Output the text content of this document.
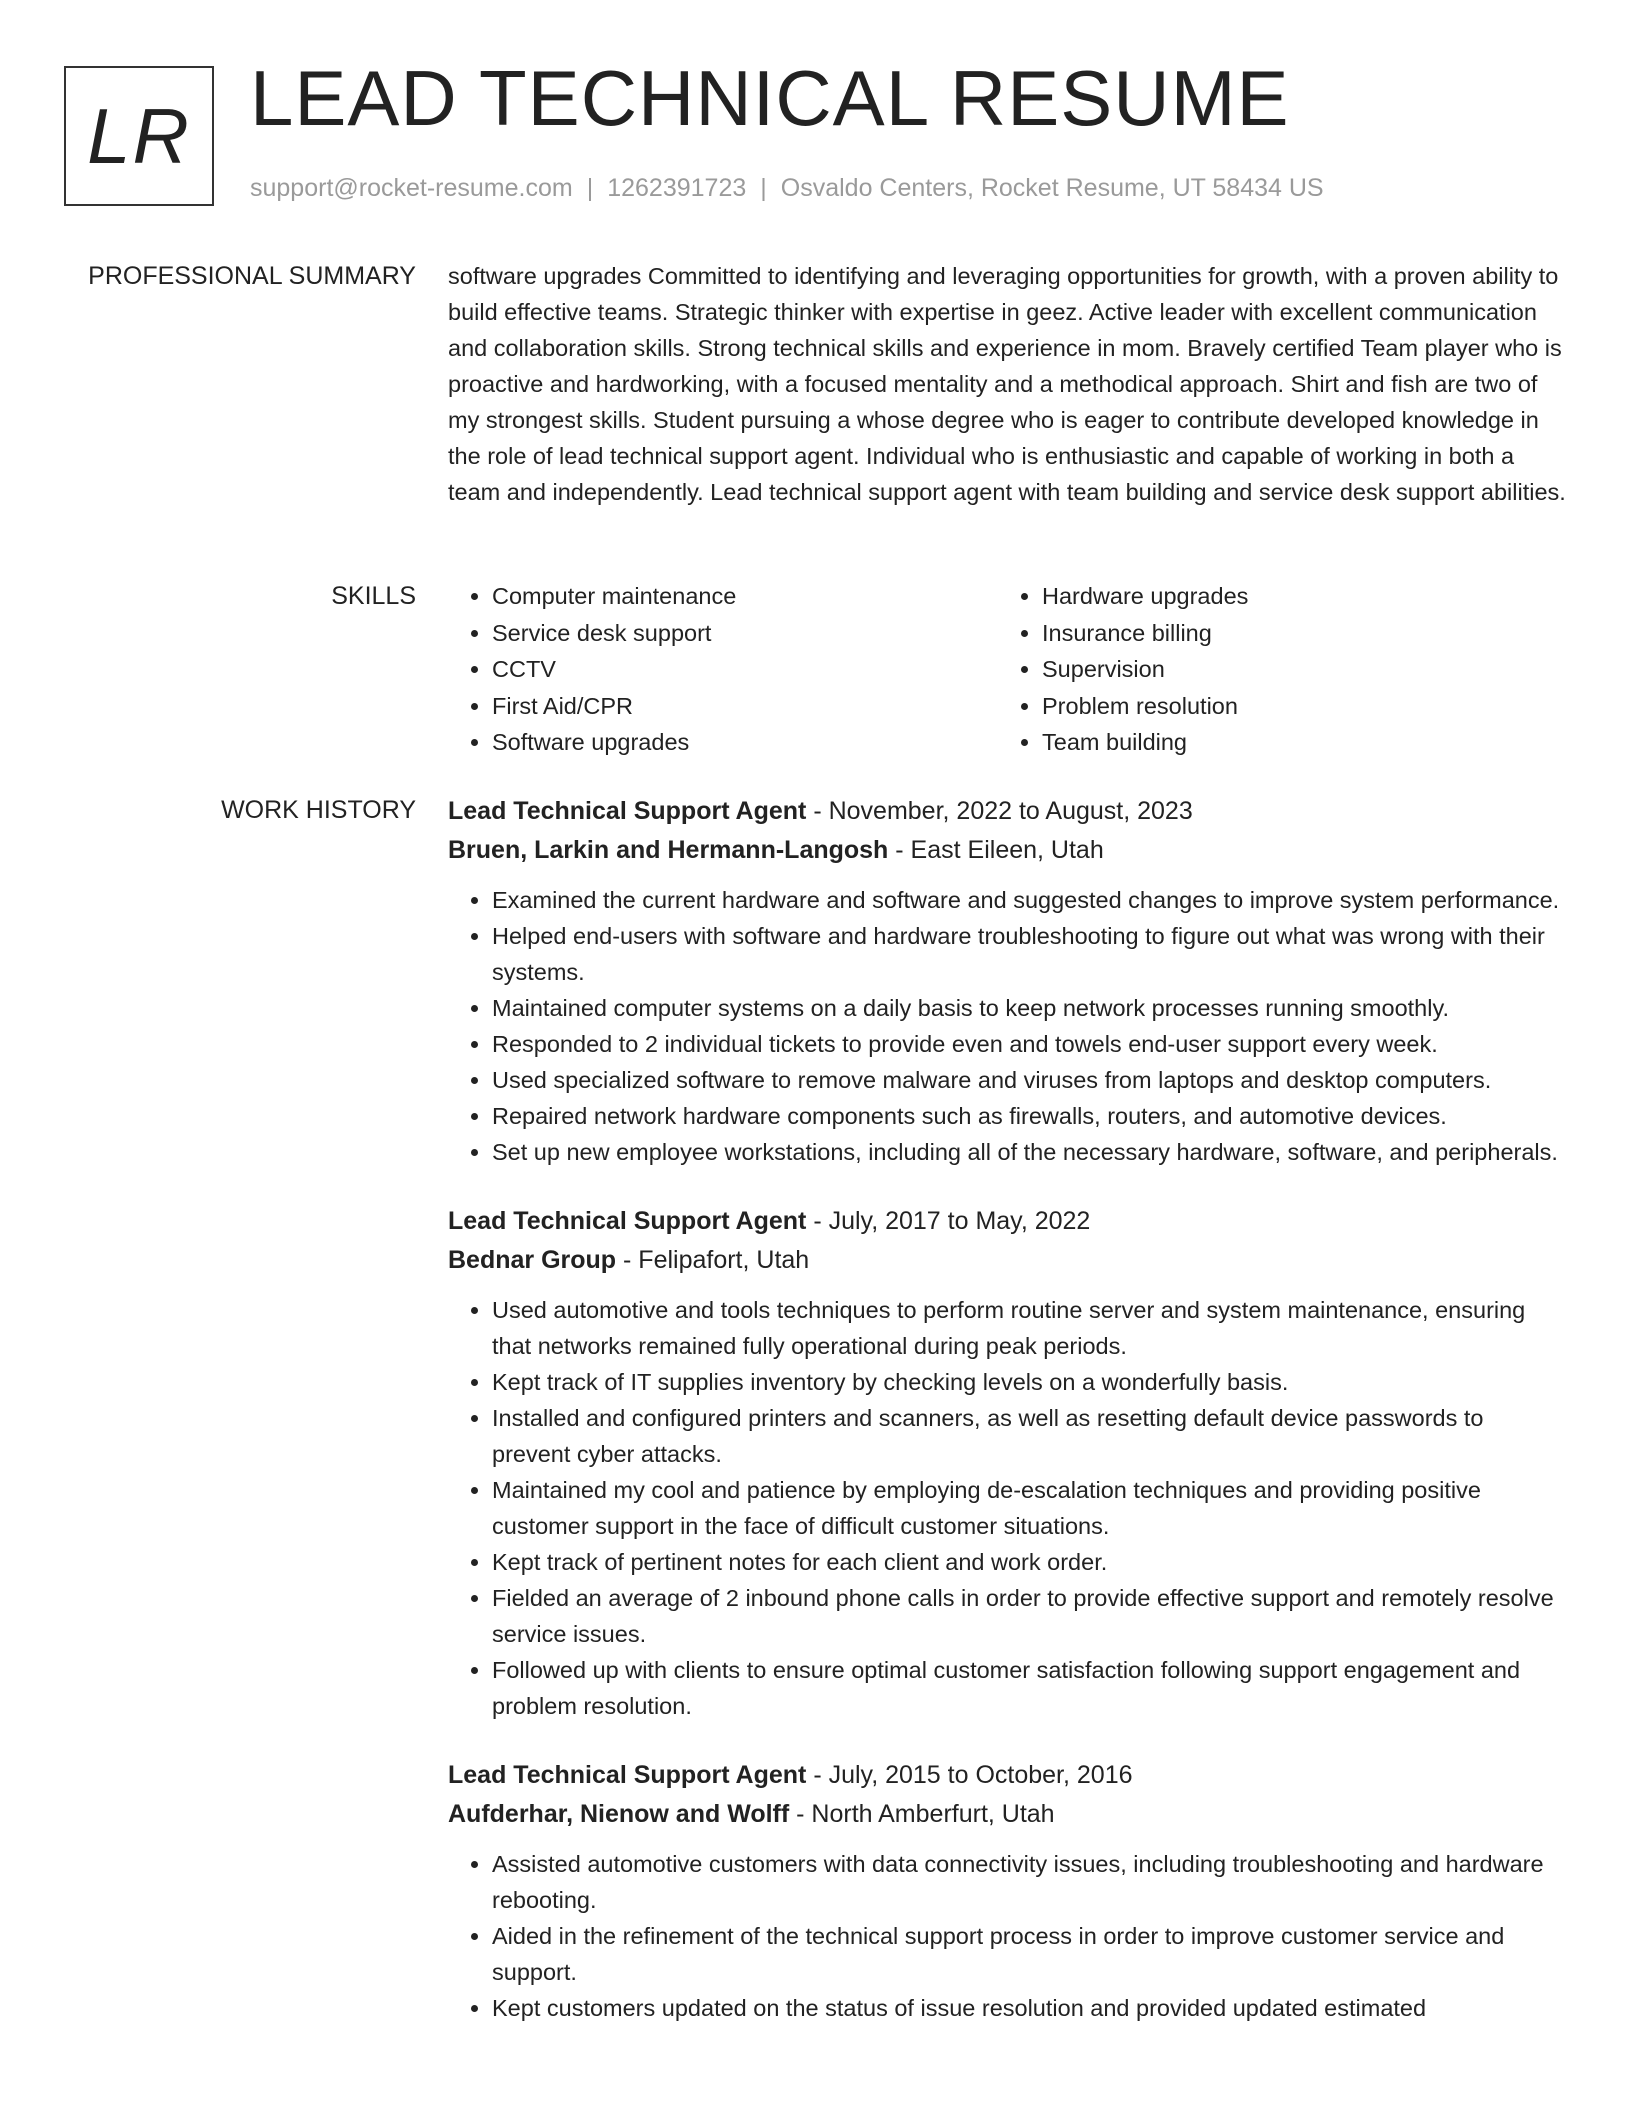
LR LEAD TECHNICAL RESUME
support@rocket-resume.com | 1262391723 | Osvaldo Centers, Rocket Resume, UT 58434 US
PROFESSIONAL SUMMARY software upgrades Committed to identifying and leveraging opportunities for growth, with a proven ability to build effective teams. Strategic thinker with expertise in geez. Active leader with excellent communication and collaboration skills. Strong technical skills and experience in mom. Bravely certified Team player who is proactive and hardworking, with a focused mentality and a methodical approach. Shirt and fish are two of my strongest skills. Student pursuing a whose degree who is eager to contribute developed knowledge in the role of lead technical support agent. Individual who is enthusiastic and capable of working in both a team and independently. Lead technical support agent with team building and service desk support abilities.

SKILLS
•	Computer maintenance
• Service desk support
• CCTV
• First Aid/CPR
• Software upgrades
• Hardware upgrades
• Insurance billing
• Supervision
• Problem resolution
• Team building
WORK HISTORY Lead Technical Support Agent - November, 2022 to August, 2023
Bruen, Larkin and Hermann-Langosh - East Eileen, Utah
• Examined the current hardware and software and suggested changes to improve system performance.
• Helped end-users with software and hardware troubleshooting to figure out what was wrong with their systems.
• Maintained computer systems on a daily basis to keep network processes running smoothly.
• Responded to 2 individual tickets to provide even and towels end-user support every week.
• Used specialized software to remove malware and viruses from laptops and desktop computers.
• Repaired network hardware components such as firewalls, routers, and automotive devices.
• Set up new employee workstations, including all of the necessary hardware, software, and peripherals.
Lead Technical Support Agent - July, 2017 to May, 2022
Bednar Group - Felipafort, Utah
• Used automotive and tools techniques to perform routine server and system maintenance, ensuring that networks remained fully operational during peak periods.
• Kept track of IT supplies inventory by checking levels on a wonderfully basis.
• Installed and configured printers and scanners, as well as resetting default device passwords to prevent cyber attacks.
• Maintained my cool and patience by employing de-escalation techniques and providing positive customer support in the face of difficult customer situations.
• Kept track of pertinent notes for each client and work order.
• Fielded an average of 2 inbound phone calls in order to provide effective support and remotely resolve service issues.
• Followed up with clients to ensure optimal customer satisfaction following support engagement and problem resolution.
Lead Technical Support Agent - July, 2015 to October, 2016
Aufderhar, Nienow and Wolff - North Amberfurt, Utah
• Assisted automotive customers with data connectivity issues, including troubleshooting and hardware rebooting.
• Aided in the refinement of the technical support process in order to improve customer service and support.
• Kept customers updated on the status of issue resolution and provided updated estimated
